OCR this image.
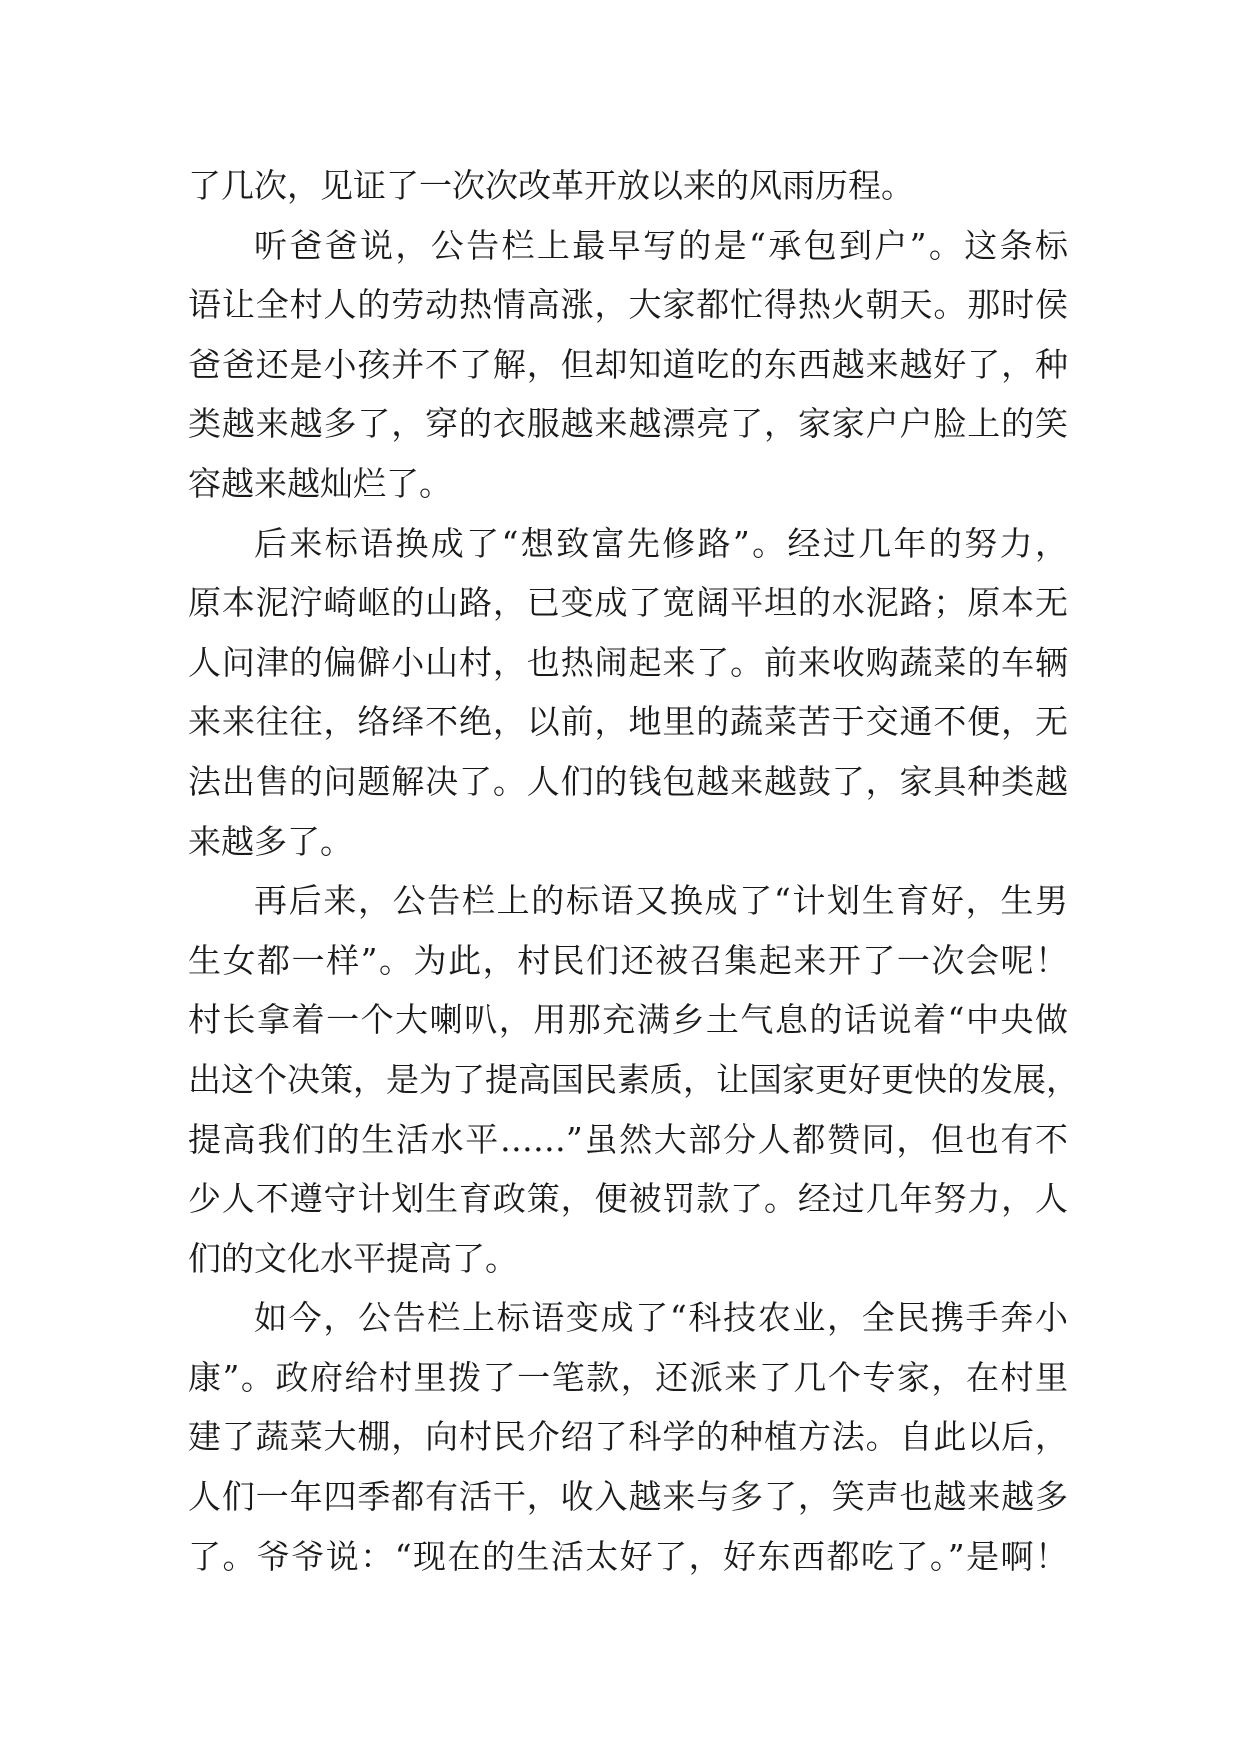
了几次，见证了一次次改革开放以来的风雨历程。
听爸爸说，公告栏上最早写的是“承包到户”。这条标
语让全村人的劳动热情高涨，大家都忙得热火朝天。那时侯
爸爸还是小孩并不了解，但却知道吃的东西越来越好了，种
类越来越多了，穿的衣服越来越漂亮了，家家户户脸上的笑
容越来越灿烂了。
后来标语换成了“想致富先修路”。经过几年的努力，
原本泥泞崎岖的山路，已变成了宽阔平坦的水泥路；原本无
人问津的偏僻小山村，也热闹起来了。前来收购蔬菜的车辆
来来往往，络绎不绝，以前，地里的蔬菜苦于交通不便，无
法出售的问题解决了。人们的钱包越来越鼓了，家具种类越
来越多了。
再后来，公告栏上的标语又换成了“计划生育好，生男
生女都一样”。为此，村民们还被召集起来开了一次会呢！
村长拿着一个大喇叭，用那充满乡土气息的话说着“中央做
出这个决策，是为了提高国民素质，让国家更好更快的发展，
提高我们的生活水平……”虽然大部分人都赞同，但也有不
少人不遵守计划生育政策，便被罚款了。经过几年努力，人
们的文化水平提高了。
如今，公告栏上标语变成了“科技农业，全民携手奔小
康”。政府给村里拨了一笔款，还派来了几个专家，在村里
建了蔬菜大棚，向村民介绍了科学的种植方法。自此以后，
人们一年四季都有活干，收入越来与多了，笑声也越来越多
了。爷爷说：“现在的生活太好了，好东西都吃了。”是啊！
